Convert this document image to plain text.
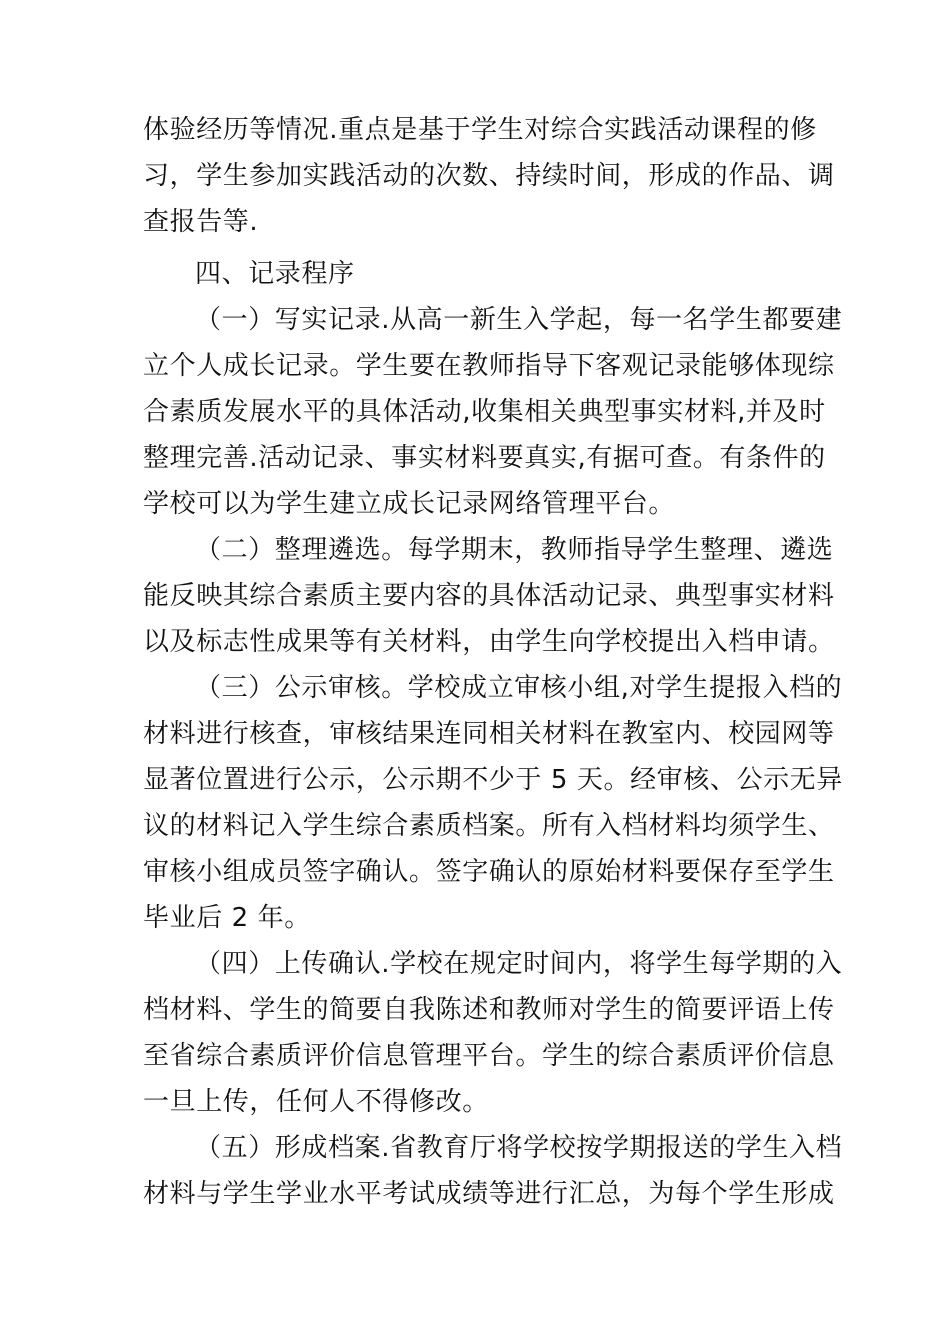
体验经历等情况.重点是基于学生对综合实践活动课程的修

习，学生参加实践活动的次数、持续时间，形成的作品、调

查报告等.

四、记录程序

（一）写实记录.从高一新生入学起，每一名学生都要建

立个人成长记录。学生要在教师指导下客观记录能够体现综

合素质发展水平的具体活动,收集相关典型事实材料,并及时

整理完善.活动记录、事实材料要真实,有据可查。有条件的

学校可以为学生建立成长记录网络管理平台。

（二）整理遴选。每学期末，教师指导学生整理、遴选

能反映其综合素质主要内容的具体活动记录、典型事实材料

以及标志性成果等有关材料，由学生向学校提出入档申请。

（三）公示审核。学校成立审核小组,对学生提报入档的

材料进行核查，审核结果连同相关材料在教室内、校园网等

显著位置进行公示，公示期不少于 5 天。经审核、公示无异

议的材料记入学生综合素质档案。所有入档材料均须学生、

审核小组成员签字确认。签字确认的原始材料要保存至学生

毕业后 2 年。

（四）上传确认.学校在规定时间内，将学生每学期的入

档材料、学生的简要自我陈述和教师对学生的简要评语上传

至省综合素质评价信息管理平台。学生的综合素质评价信息

一旦上传，任何人不得修改。

（五）形成档案.省教育厅将学校按学期报送的学生入档

材料与学生学业水平考试成绩等进行汇总，为每个学生形成
